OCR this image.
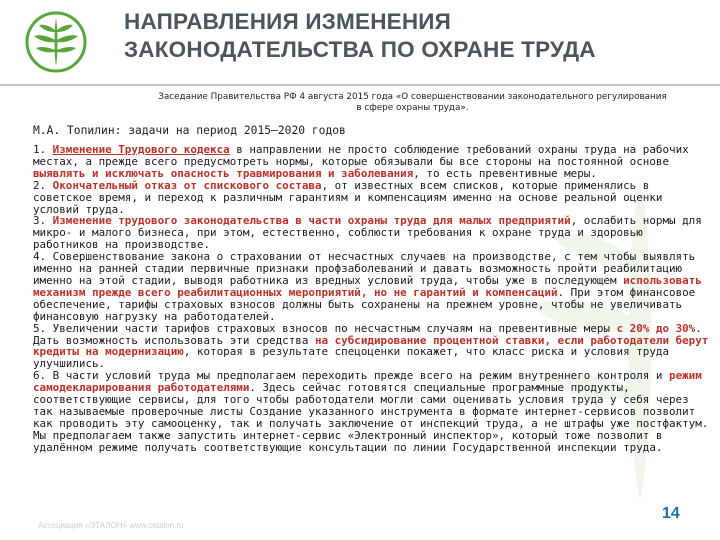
НАПРАВЛЕНИЯ ИЗМЕНЕНИЯ
ЗАКОНОДАТЕЛЬСТВА ПО ОХРАНЕ ТРУДА
Заседание Правительства РФ 4 августа 2015 года «О совершенствовании законодательного регулирования
в сфере охраны труда».
М.А. Топилин: задачи на период 2015–2020 годов

1. Изменение Трудового кодекса в направлении не просто соблюдение требований охраны труда на рабочих местах, а прежде всего предусмотреть нормы, которые обязывали бы все стороны на постоянной основе выявлять и исключать опасность травмирования и заболевания, то есть превентивные меры.

2. Окончательный отказ от спискового состава, от известных всем списков, которые применялись в советское время, и переход к различным гарантиям и компенсациям именно на основе реальной оценки условий труда.

3. Изменение трудового законодательства в части охраны труда для малых предприятий, ослабить нормы для микро- и малого бизнеса, при этом, естественно, соблюсти требования к охране труда и здоровью работников на производстве.

4. Совершенствование закона о страховании от несчастных случаев на производстве, с тем чтобы выявлять именно на ранней стадии первичные признаки профзаболеваний и давать возможность пройти реабилитацию именно на этой стадии, выводя работника из вредных условий труда, чтобы уже в последующем использовать механизм прежде всего реабилитационных мероприятий, но не гарантий и компенсаций. При этом финансовое обеспечение, тарифы страховых взносов должны быть сохранены на прежнем уровне, чтобы не увеличивать финансовую нагрузку на работодателей.

5. Увеличении части тарифов страховых взносов по несчастным случаям на превентивные меры с 20% до 30%. Дать возможность использовать эти средства на субсидирование процентной ставки, если работодатели берут кредиты на модернизацию, которая в результате спецоценки покажет, что класс риска и условия труда улучшились.

6. В части условий труда мы предполагаем переходить прежде всего на режим внутреннего контроля и режим самодекларирования работодателями. Здесь сейчас готовятся специальные программные продукты, соответствующие сервисы, для того чтобы работодатели могли сами оценивать условия труда у себя через так называемые проверочные листы Создание указанного инструмента в формате интернет-сервисов позволит как проводить эту самооценку, так и получать заключение от инспекций труда, а не штрафы уже постфактум. Мы предполагаем также запустить интернет-сервис «Электронный инспектор», который тоже позволит в удалённом режиме получать соответствующие консультации по линии Государственной инспекции труда.

Ассоциация «ЭТАЛОН» www.ostalon.ru
14
